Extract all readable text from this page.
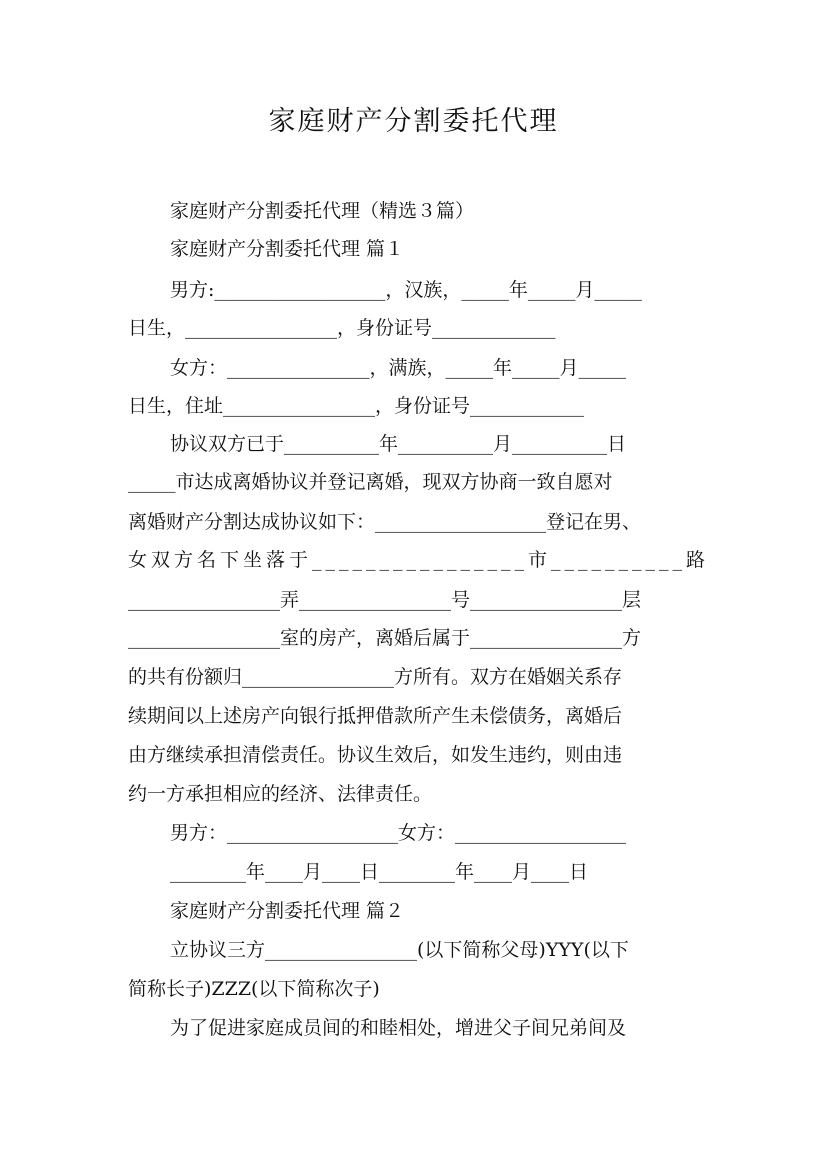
家庭财产分割委托代理
家庭财产分割委托代理（精选３篇）
家庭财产分割委托代理 篇１
男方:__________________，汉族，_____年_____月_____
日生，________________，身份证号_____________
女方：_______________，满族，_____年_____月_____
日生，住址________________，身份证号____________
协议双方已于__________年__________月__________日
_____市达成离婚协议并登记离婚，现双方协商一致自愿对
离婚财产分割达成协议如下：__________________登记在男、
女双方名下坐落于________________市__________路
________________弄________________号________________层
________________室的房产，离婚后属于________________方
的共有份额归________________方所有。双方在婚姻关系存
续期间以上述房产向银行抵押借款所产生未偿债务，离婚后
由方继续承担清偿责任。协议生效后，如发生违约，则由违
约一方承担相应的经济、法律责任。
男方：__________________女方：__________________
________年____月____日________年____月____日
家庭财产分割委托代理 篇２
立协议三方________________(以下简称父母)YYY(以下
简称长子)ZZZ(以下简称次子)
为了促进家庭成员间的和睦相处，增进父子间兄弟间及
